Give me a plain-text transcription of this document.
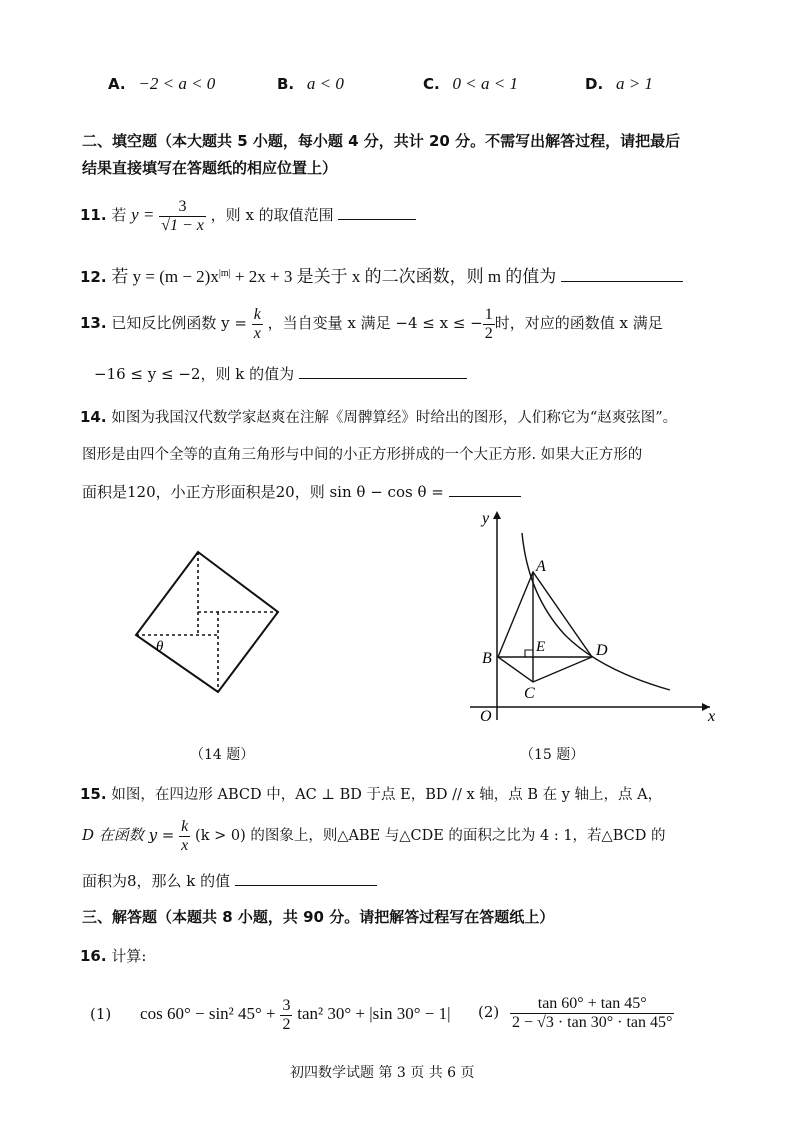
A. −2 < a < 0	B. a < 0	C. 0 < a < 1	D. a > 1
二、填空题（本大题共 5 小题，每小题 4 分，共计 20 分。不需写出解答过程，请把最后
结果直接填写在答题纸的相应位置上）
11. 若 $y = \frac{3}{√1 - x}$ ，则 x 的取值范围
12. 若 $y = (m - 2)x^{|m|} + 2x + 3$ 是关于 x 的二次函数，则 m 的值为
13. 已知反比例函数 $y = \frac{k}{x}$ ，当自变量 x 满足 −4 ≤ x ≤ − $\frac{1}{2}$ 时，对应的函数值 x 满足
−16 ≤ y ≤ −2，则 k 的值为
14. 如图为我国汉代数学家赵爽在注解《周髀算经》时给出的图形，人们称它为“赵爽弦图”。
图形是由四个全等的直角三角形与中间的小正方形拼成的一个大正方形. 如果大正方形的
面积是120，小正方形面积是20，则 sin θ − cos θ =
θ
（14 题）
y
x
O
A
B
C
D
E
（15 题）
15. 如图，在四边形 ABCD 中，AC ⊥ BD 于点 E，BD // x 轴，点 B 在 y 轴上，点 A，
D 在函数 $y = \frac{k}{x} (k > 0)$ 的图象上，则△ABE 与△CDE 的面积之比为 4 : 1，若△BCD 的
面积为8，那么 k 的值
三、解答题（本题共 8 小题，共 90 分。请把解答过程写在答题纸上）
16. 计算:
(1) cos 60° − sin² $45^\circ + \frac{3}{2} \tan^2$ 30° + |sin 30° − 1| $(2) \frac{\tan 60^\circ + \tan 45^\circ}{2 - √3 \cdot \tan 30^\circ \cdot \tan 45^\circ}$
初四数学试题 第 3 页 共 6 页
